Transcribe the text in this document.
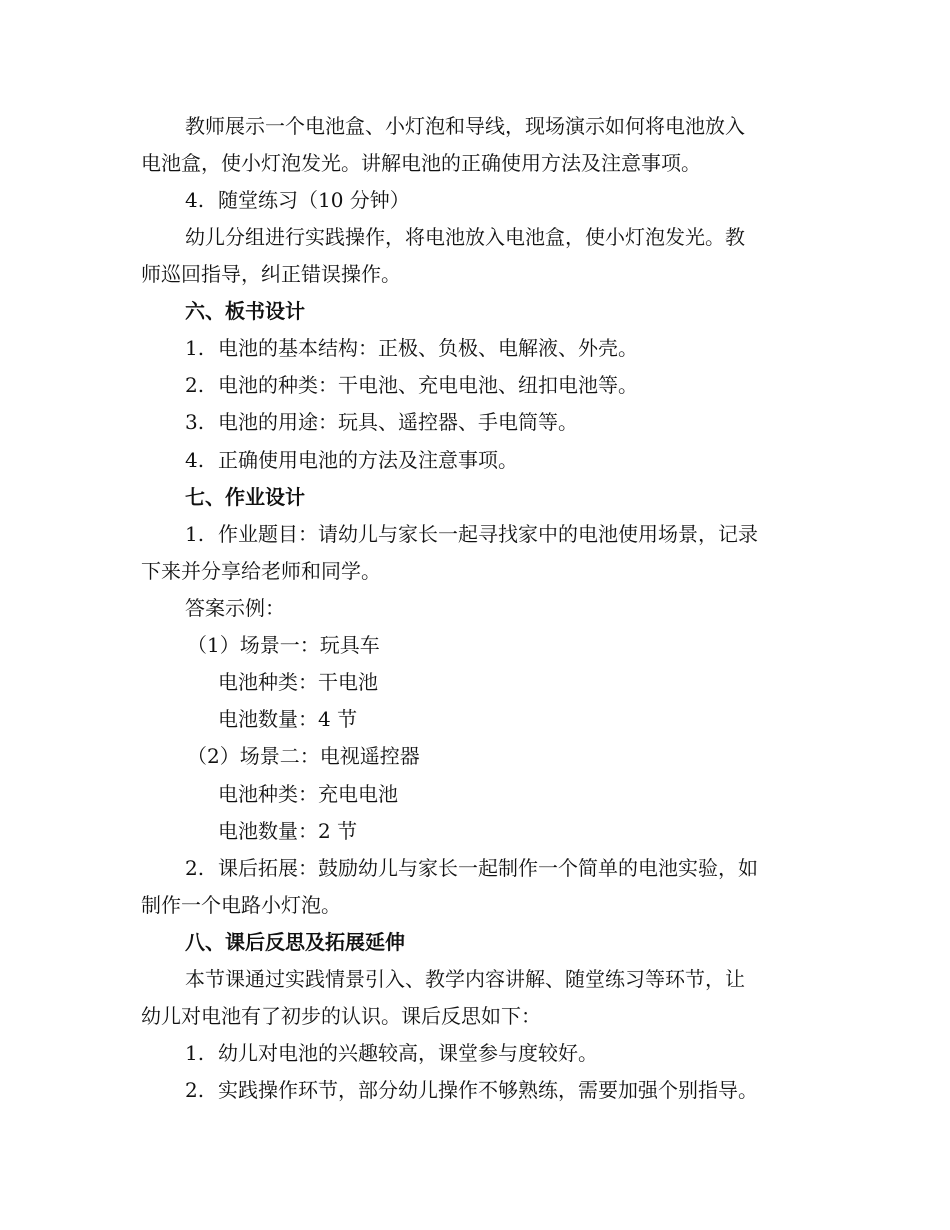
教师展示一个电池盒、小灯泡和导线，现场演示如何将电池放入
电池盒，使小灯泡发光。讲解电池的正确使用方法及注意事项。
4. 随堂练习（10 分钟）
幼儿分组进行实践操作，将电池放入电池盒，使小灯泡发光。教
师巡回指导，纠正错误操作。
六、板书设计
1. 电池的基本结构：正极、负极、电解液、外壳。
2. 电池的种类：干电池、充电电池、纽扣电池等。
3. 电池的用途：玩具、遥控器、手电筒等。
4. 正确使用电池的方法及注意事项。
七、作业设计
1. 作业题目：请幼儿与家长一起寻找家中的电池使用场景，记录
下来并分享给老师和同学。
答案示例：
（1）场景一：玩具车
电池种类：干电池
电池数量：4 节
（2）场景二：电视遥控器
电池种类：充电电池
电池数量：2 节
2. 课后拓展：鼓励幼儿与家长一起制作一个简单的电池实验，如
制作一个电路小灯泡。
八、课后反思及拓展延伸
本节课通过实践情景引入、教学内容讲解、随堂练习等环节，让
幼儿对电池有了初步的认识。课后反思如下：
1. 幼儿对电池的兴趣较高，课堂参与度较好。
2. 实践操作环节，部分幼儿操作不够熟练，需要加强个别指导。
